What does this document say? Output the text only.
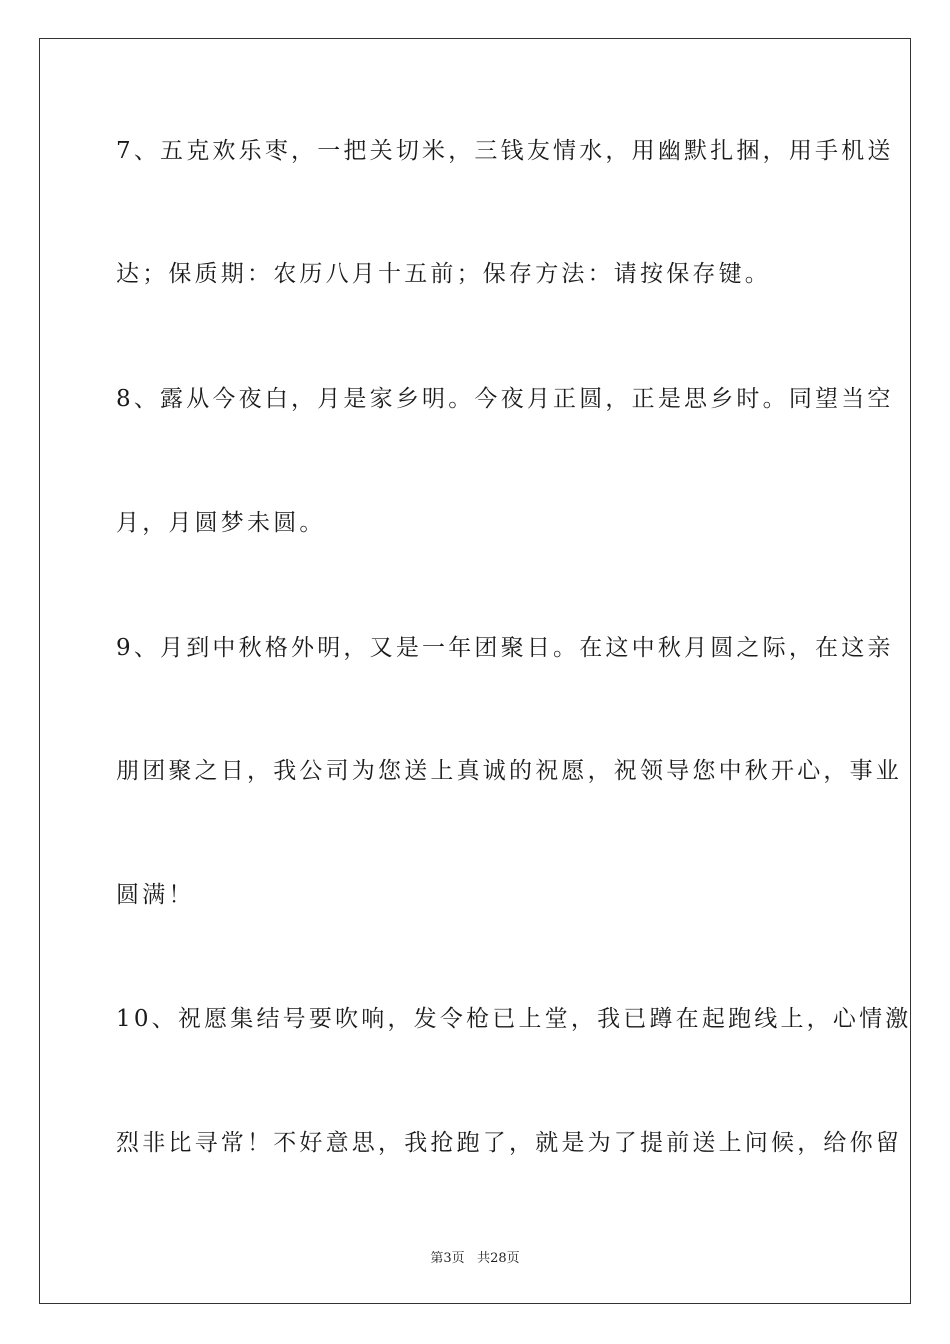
7、五克欢乐枣，一把关切米，三钱友情水，用幽默扎捆，用手机送
达；保质期：农历八月十五前；保存方法：请按保存键。
8、露从今夜白，月是家乡明。今夜月正圆，正是思乡时。同望当空
月，月圆梦未圆。
9、月到中秋格外明，又是一年团聚日。在这中秋月圆之际，在这亲
朋团聚之日，我公司为您送上真诚的祝愿，祝领导您中秋开心，事业
圆满！
10、祝愿集结号要吹响，发令枪已上堂，我已蹲在起跑线上，心情激
烈非比寻常！不好意思，我抢跑了，就是为了提前送上问候，给你留
第3页 共28页
